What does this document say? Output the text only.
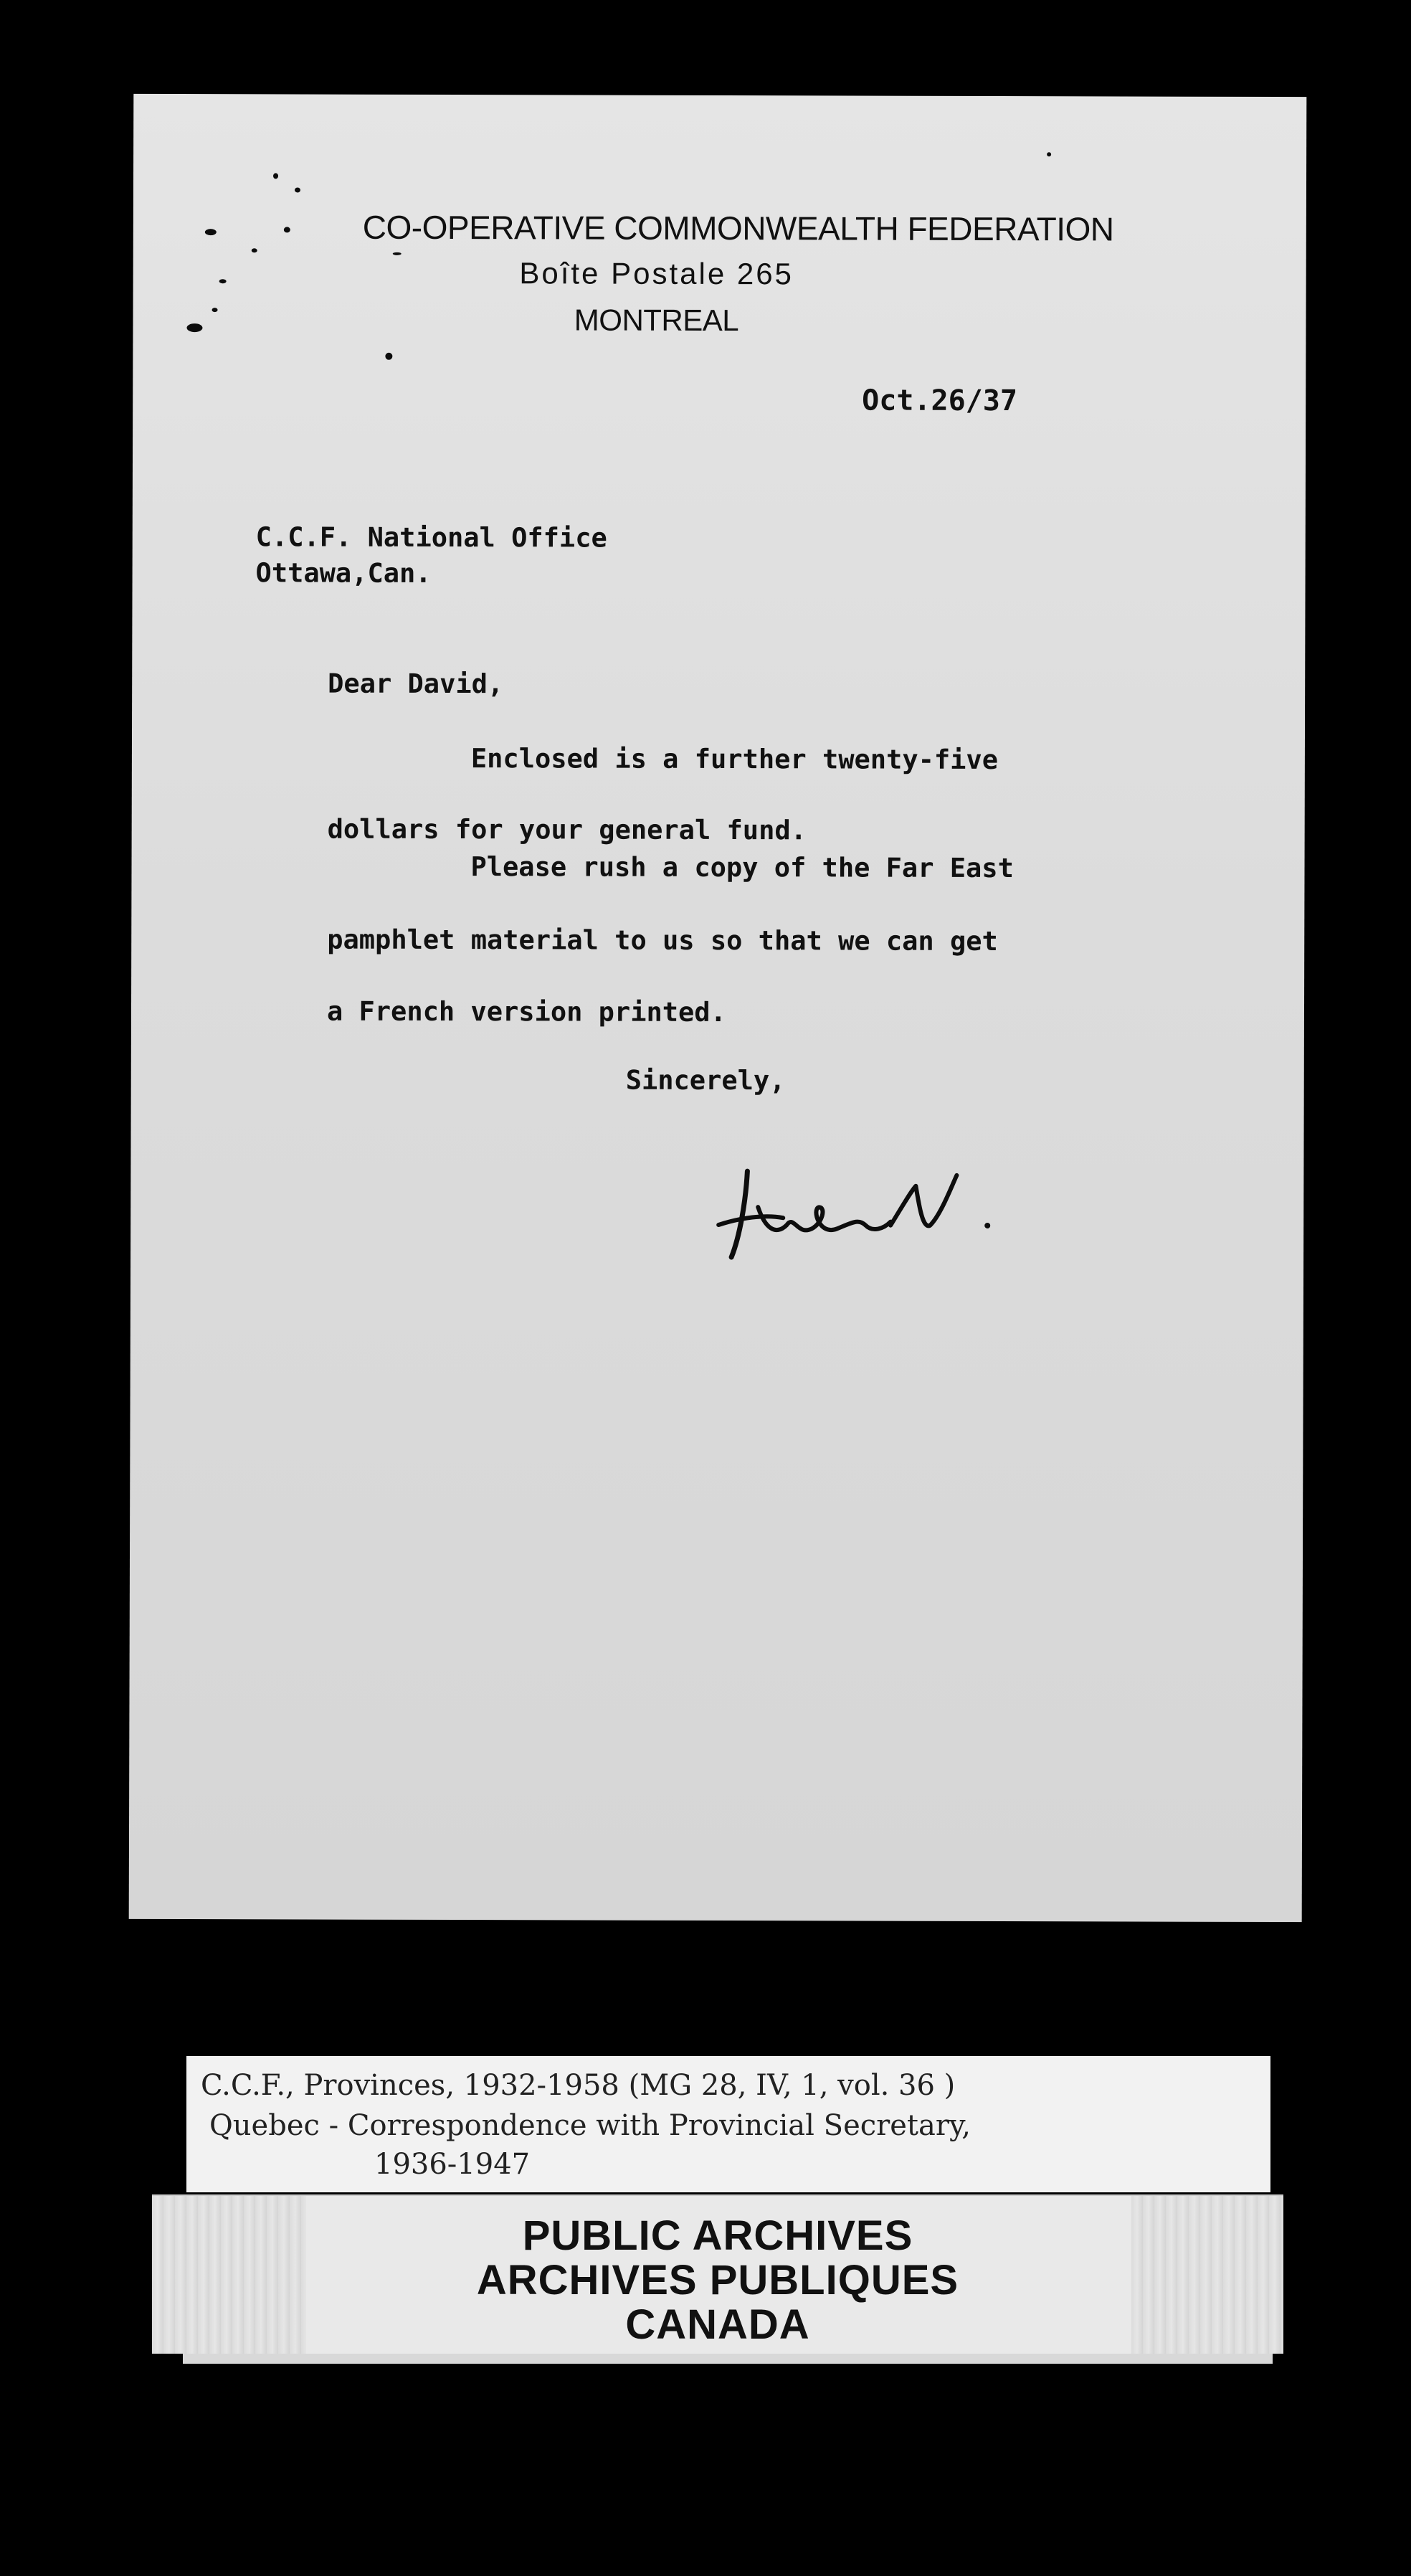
CO-OPERATIVE COMMONWEALTH FEDERATION
Boîte Postale 265
MONTREAL
Oct.26/37
C.C.F. National Office
Ottawa,Can.
Dear David,
Enclosed is a further twenty-five
dollars for your general fund.
Please rush a copy of the Far East
pamphlet material to us so that we can get
a French version printed.
Sincerely,
C.C.F., Provinces, 1932-1958 (MG 28, IV, 1, vol. 36 )
Quebec - Correspondence with Provincial Secretary,
1936-1947
PUBLIC ARCHIVES
ARCHIVES PUBLIQUES
CANADA
